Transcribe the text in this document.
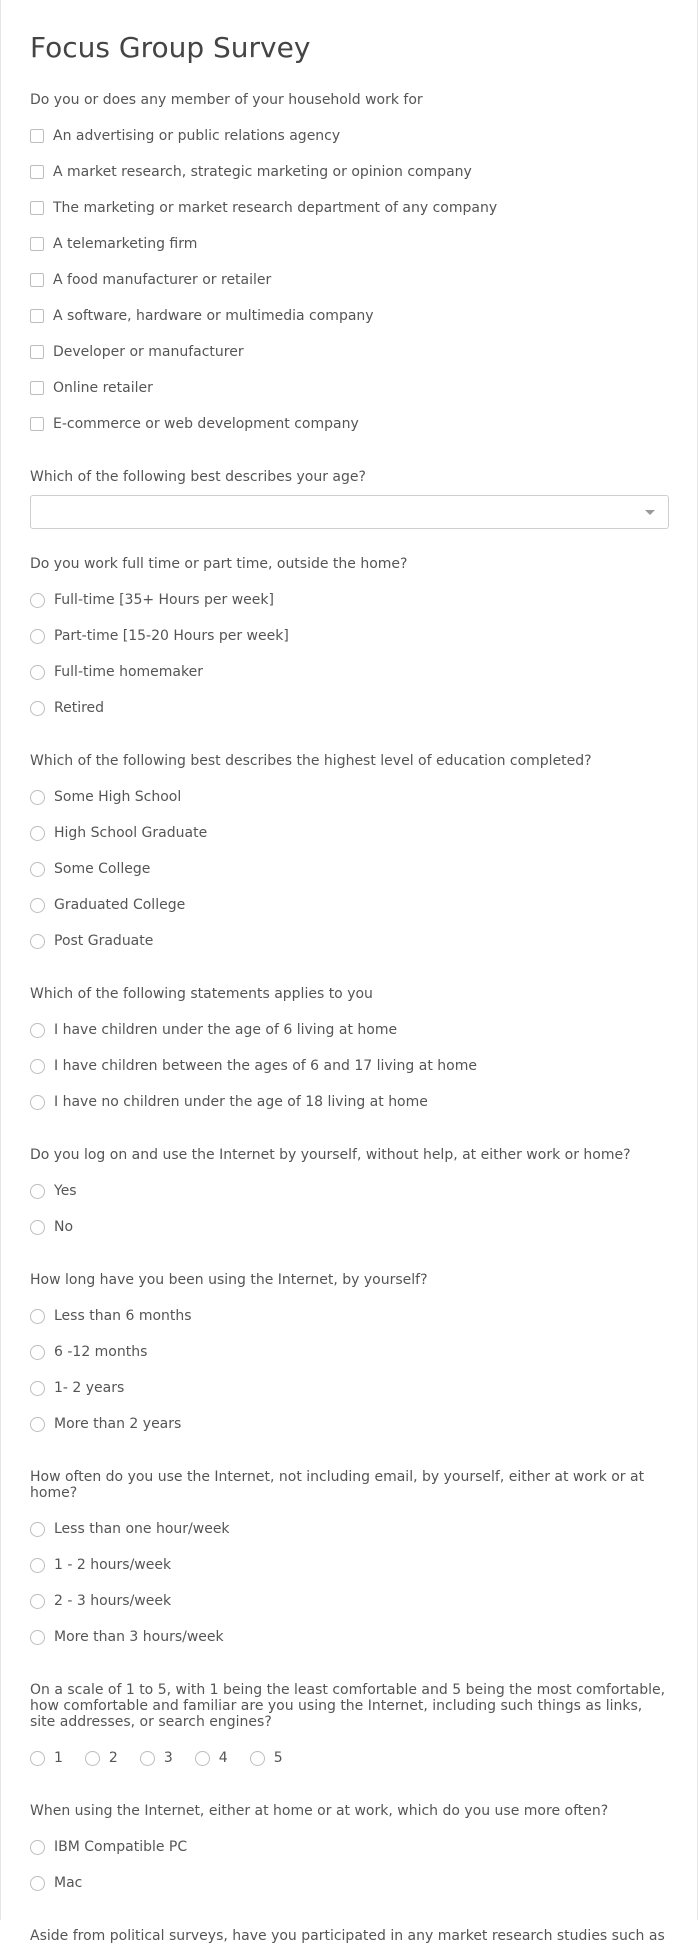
Focus Group Survey

Do you or does any member of your household work for

An advertising or public relations agency
A market research, strategic marketing or opinion company
The marketing or market research department of any company
A telemarketing firm
A food manufacturer or retailer
A software, hardware or multimedia company
Developer or manufacturer
Online retailer
E-commerce or web development company

Which of the following best describes your age?

Do you work full time or part time, outside the home?

Full-time [35+ Hours per week]
Part-time [15-20 Hours per week]
Full-time homemaker
Retired

Which of the following best describes the highest level of education completed?

Some High School
High School Graduate
Some College
Graduated College
Post Graduate

Which of the following statements applies to you

I have children under the age of 6 living at home
I have children between the ages of 6 and 17 living at home
I have no children under the age of 18 living at home

Do you log on and use the Internet by yourself, without help, at either work or home?

Yes
No

How long have you been using the Internet, by yourself?

Less than 6 months
6 -12 months
1- 2 years
More than 2 years

How often do you use the Internet, not including email, by yourself, either at work or at home?

Less than one hour/week
1 - 2 hours/week
2 - 3 hours/week
More than 3 hours/week

On a scale of 1 to 5, with 1 being the least comfortable and 5 being the most comfortable, how comfortable and familiar are you using the Internet, including such things as links, site addresses, or search engines?

1	2	3	4	5

When using the Internet, either at home or at work, which do you use more often?

IBM Compatible PC
Mac

Aside from political surveys, have you participated in any market research studies such as
